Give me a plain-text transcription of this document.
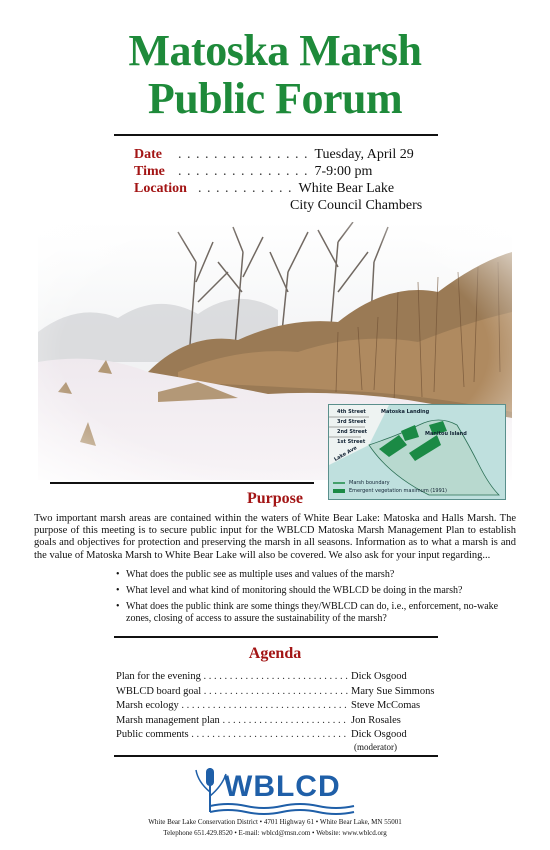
Matoska Marsh
Public Forum
Date	. . . . . . . . . . . . . . . Tuesday, April 29
Time . . . . . . . . . . . . . . . 7-9:00 pm
Location . . . . . . . . . . . White Bear Lake
City Council Chambers
4th Street
3rd Street
2nd Street
1st Street
Lake Ave
Matoska Landing
Manitou Island
Marsh boundary
Emergent vegetation maximum (1991)
Purpose
Two important marsh areas are contained within the waters of White Bear Lake: Matoska and Halls Marsh. The purpose of this meeting is to secure public input for the WBLCD Matoska Marsh Management Plan to establish goals and objectives for protection and preserving the marsh in all seasons. Information as to what a marsh is and the value of Matoska Marsh to White Bear Lake will also be covered. We also ask for your input regarding...
• What does the public see as multiple uses and values of the marsh?
• What level and what kind of monitoring should the WBLCD be doing in the marsh?
• What does the public think are some things they/WBLCD can do, i.e., enforcement, no-wake zones, closing of access to assure the sustainability of the marsh?
Agenda
Plan for the evening . . .	Dick Osgood
WBLCD board goal . . .	Mary Sue Simmons
Marsh ecology . . .	Steve McComas
Marsh management plan . . .	Jon Rosales
Public comments . . .	Dick Osgood
(moderator)
WBLCD
White Bear Lake Conservation District • 4701 Highway 61 • White Bear Lake, MN 55001
Telephone 651.429.8520 • E-mail: wblcd@msn.com • Website: www.wblcd.org
